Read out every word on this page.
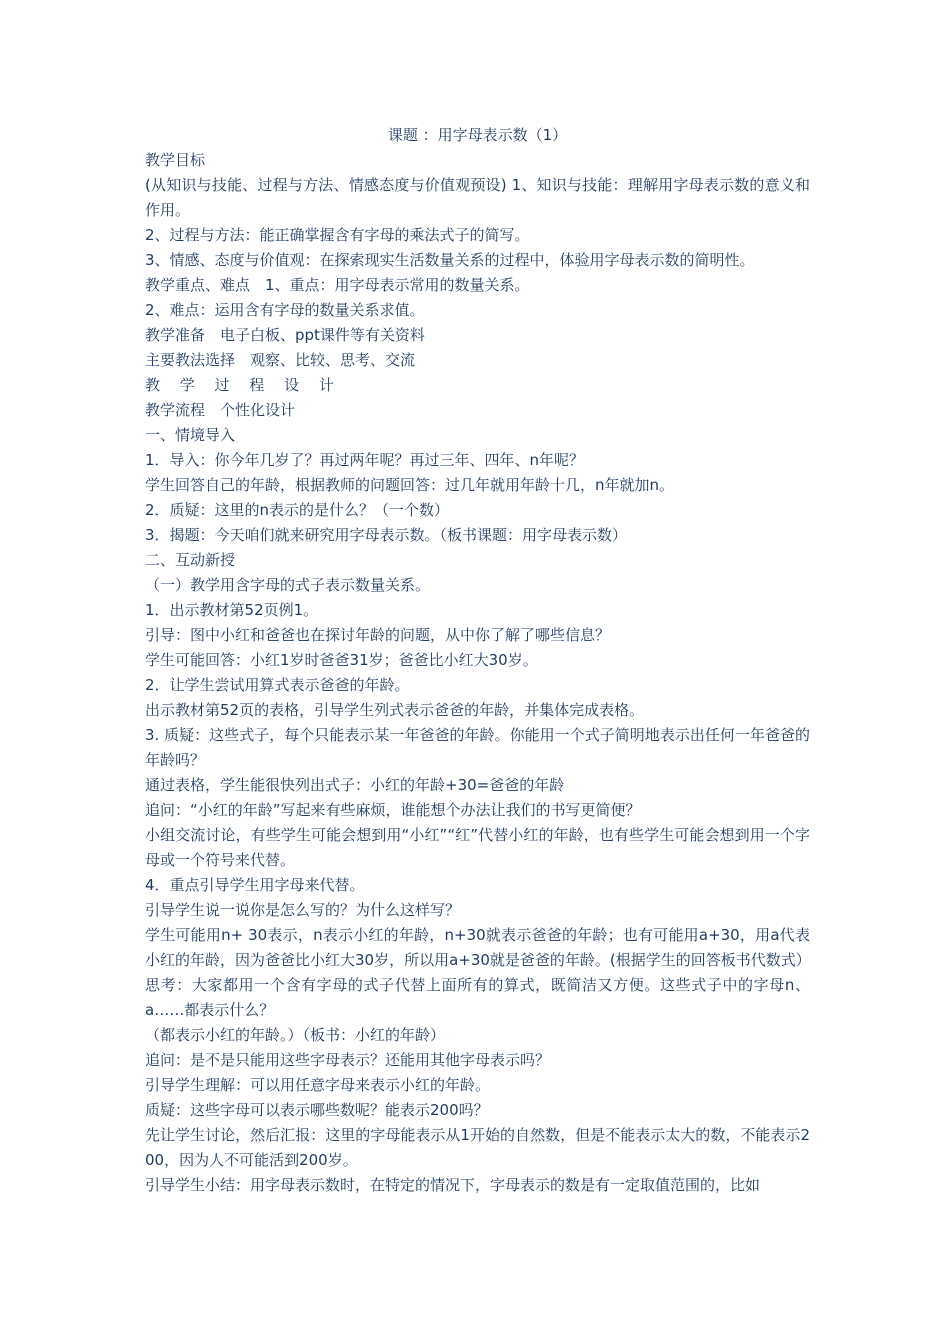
课题 ：用字母表示数（1）
教学目标
(从知识与技能、过程与方法、情感态度与价值观预设) 1、知识与技能：理解用字母表示数的意义和作用。
2、过程与方法：能正确掌握含有字母的乘法式子的简写。
3、情感、态度与价值观：在探索现实生活数量关系的过程中，体验用字母表示数的简明性。
教学重点、难点　1、重点：用字母表示常用的数量关系。
2、难点：运用含有字母的数量关系求值。
教学准备　电子白板、ppt课件等有关资料
主要教法选择　观察、比较、思考、交流
教　 学　 过　 程　 设　 计
教学流程　个性化设计
一、情境导入
1．导入：你今年几岁了？再过两年呢？再过三年、四年、n年呢？
学生回答自己的年龄，根据教师的问题回答：过几年就用年龄十几，n年就加n。
2．质疑：这里的n表示的是什么？（一个数）
3．揭题：今天咱们就来研究用字母表示数。（板书课题：用字母表示数）
二、互动新授
（一）教学用含字母的式子表示数量关系。
1．出示教材第52页例1。
引导：图中小红和爸爸也在探讨年龄的问题，从中你了解了哪些信息？
学生可能回答：小红1岁时爸爸31岁；爸爸比小红大30岁。
2．让学生尝试用算式表示爸爸的年龄。
出示教材第52页的表格，引导学生列式表示爸爸的年龄，并集体完成表格。
3. 质疑：这些式子，每个只能表示某一年爸爸的年龄。你能用一个式子简明地表示出任何一年爸爸的年龄吗？
通过表格，学生能很快列出式子：小红的年龄+30=爸爸的年龄
追问：“小红的年龄”写起来有些麻烦，谁能想个办法让我们的书写更简便？
小组交流讨论，有些学生可能会想到用“小红”“红”代替小红的年龄，也有些学生可能会想到用一个字母或一个符号来代替。
4．重点引导学生用字母来代替。
引导学生说一说你是怎么写的？为什么这样写？
学生可能用n+ 30表示，n表示小红的年龄，n+30就表示爸爸的年龄；也有可能用a+30，用a代表小红的年龄，因为爸爸比小红大30岁，所以用a+30就是爸爸的年龄。(根据学生的回答板书代数式）
思考：大家都用一个含有字母的式子代替上面所有的算式，既简洁又方便。这些式子中的字母n、a……都表示什么？
（都表示小红的年龄。）（板书：小红的年龄）
追问：是不是只能用这些字母表示？还能用其他字母表示吗？
引导学生理解：可以用任意字母来表示小红的年龄。
质疑：这些字母可以表示哪些数呢？能表示200吗？
先让学生讨论，然后汇报：这里的字母能表示从1开始的自然数，但是不能表示太大的数，不能表示200，因为人不可能活到200岁。
引导学生小结：用字母表示数时，在特定的情况下，字母表示的数是有一定取值范围的，比如
